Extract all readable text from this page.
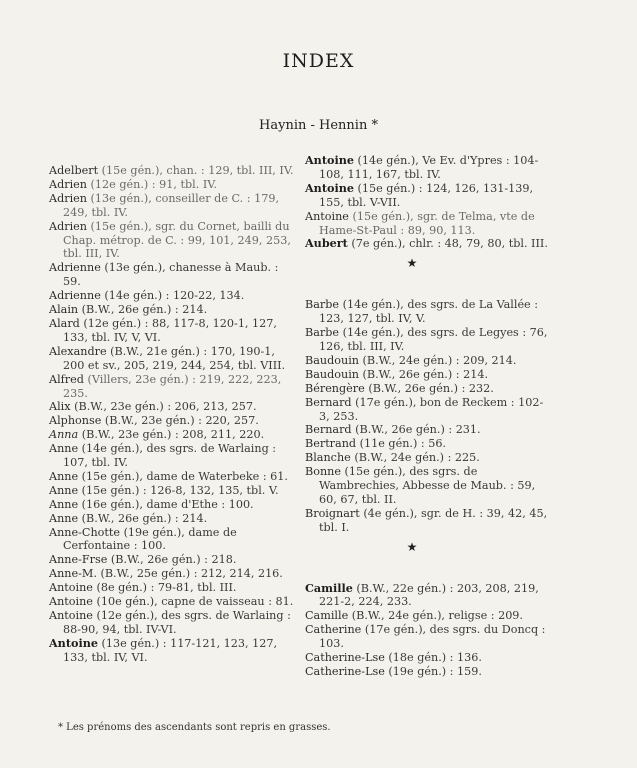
INDEX
Haynin - Hennin *

Adelbert (15e gén.), chan. : 129, tbl. III, IV.

Adrien (12e gén.) : 91, tbl. IV.

Adrien (13e gén.), conseiller de C. : 179, 249, tbl. IV.

Adrien (15e gén.), sgr. du Cornet, bailli du Chap. métrop. de C. : 99, 101, 249, 253, tbl. III, IV.

Adrienne (13e gén.), chanesse à Maub. : 59.

Adrienne (14e gén.) : 120-22, 134.

Alain (B.W., 26e gén.) : 214.

Alard (12e gén.) : 88, 117-8, 120-1, 127, 133, tbl. IV, V, VI.

Alexandre (B.W., 21e gén.) : 170, 190-1, 200 et sv., 205, 219, 244, 254, tbl. VIII.

Alfred (Villers, 23e gén.) : 219, 222, 223, 235.

Alix (B.W., 23e gén.) : 206, 213, 257.

Alphonse (B.W., 23e gén.) : 220, 257.

Anna (B.W., 23e gén.) : 208, 211, 220.

Anne (14e gén.), des sgrs. de Warlaing : 107, tbl. IV.

Anne (15e gén.), dame de Waterbeke : 61.

Anne (15e gén.) : 126-8, 132, 135, tbl. V.

Anne (16e gén.), dame d'Ethe : 100.

Anne (B.W., 26e gén.) : 214.

Anne-Chotte (19e gén.), dame de Cerfontaine : 100.

Anne-Frse (B.W., 26e gén.) : 218.

Anne-M. (B.W., 25e gén.) : 212, 214, 216.

Antoine (8e gén.) : 79-81, tbl. III.

Antoine (10e gén.), capne de vaisseau : 81.

Antoine (12e gén.), des sgrs. de Warlaing : 88-90, 94, tbl. IV-VI.

Antoine (13e gén.) : 117-121, 123, 127, 133, tbl. IV, VI.

Antoine (14e gén.), Ve Ev. d'Ypres : 104-108, 111, 167, tbl. IV.

Antoine (15e gén.) : 124, 126, 131-139, 155, tbl. V-VII.

Antoine (15e gén.), sgr. de Telma, vte de Hame-St-Paul : 89, 90, 113.

Aubert (7e gén.), chlr. : 48, 79, 80, tbl. III.

★

Barbe (14e gén.), des sgrs. de La Vallée : 123, 127, tbl. IV, V.

Barbe (14e gén.), des sgrs. de Legyes : 76, 126, tbl. III, IV.

Baudouin (B.W., 24e gén.) : 209, 214.

Baudouin (B.W., 26e gén.) : 214.

Bérengère (B.W., 26e gén.) : 232.

Bernard (17e gén.), bon de Reckem : 102-3, 253.

Bernard (B.W., 26e gén.) : 231.

Bertrand (11e gén.) : 56.

Blanche (B.W., 24e gén.) : 225.

Bonne (15e gén.), des sgrs. de Wambrechies, Abbesse de Maub. : 59, 60, 67, tbl. II.

Broignart (4e gén.), sgr. de H. : 39, 42, 45, tbl. I.

★

Camille (B.W., 22e gén.) : 203, 208, 219, 221-2, 224, 233.

Camille (B.W., 24e gén.), religse : 209.

Catherine (17e gén.), des sgrs. du Doncq : 103.

Catherine-Lse (18e gén.) : 136.

Catherine-Lse (19e gén.) : 159.

* Les prénoms des ascendants sont repris en grasses.
